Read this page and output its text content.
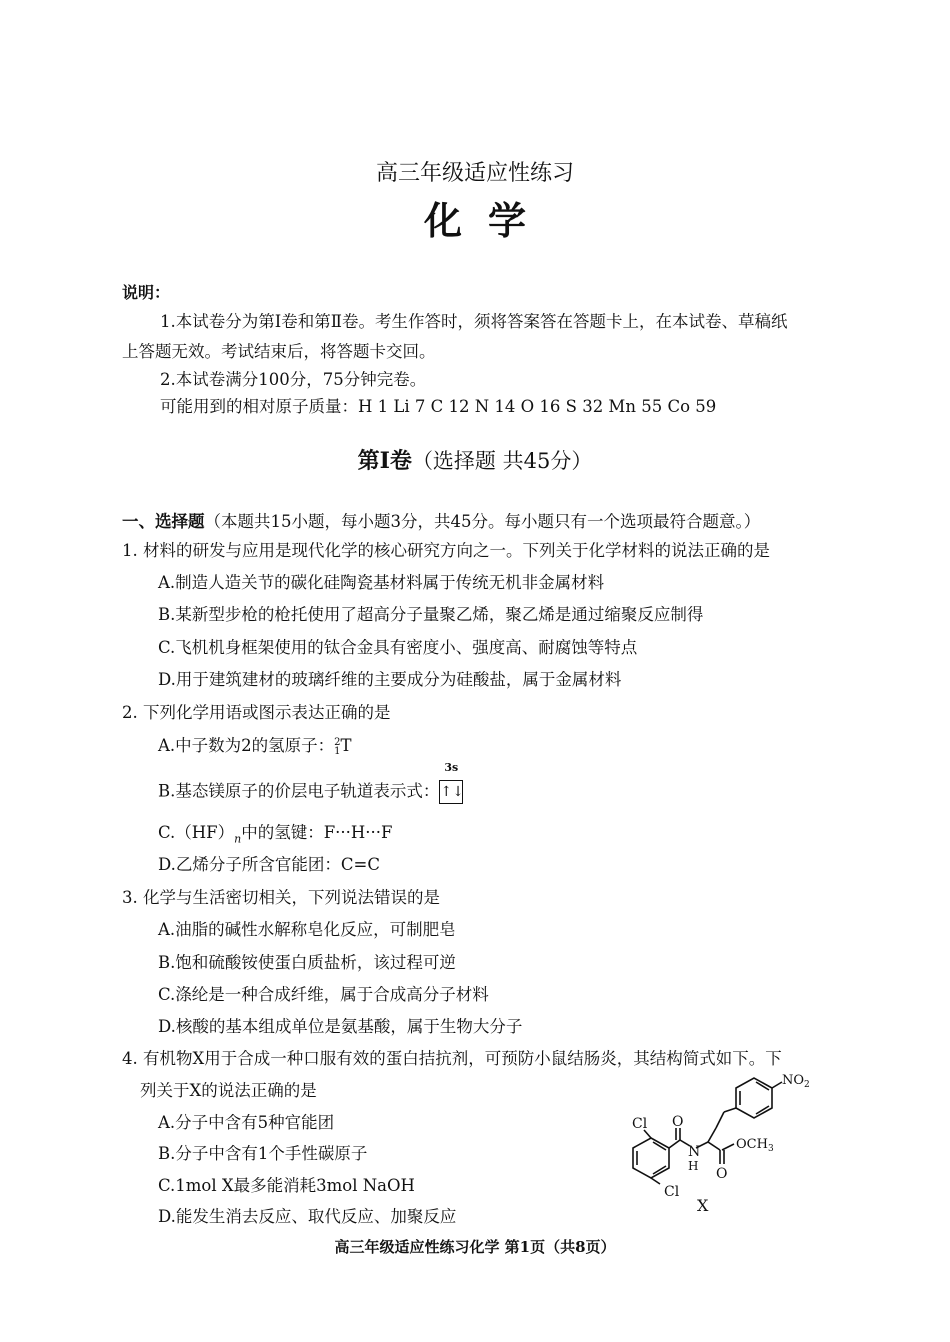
高三年级适应性练习
化学
说明：
1.本试卷分为第Ⅰ卷和第Ⅱ卷。考生作答时，须将答案答在答题卡上，在本试卷、草稿纸
上答题无效。考试结束后，将答题卡交回。
2.本试卷满分100分，75分钟完卷。
可能用到的相对原子质量：H 1 Li 7 C 12 N 14 O 16 S 32 Mn 55 Co 59
第Ⅰ卷（选择题 共45分）
一、选择题（本题共15小题，每小题3分，共45分。每小题只有一个选项最符合题意。）
1. 材料的研发与应用是现代化学的核心研究方向之一。下列关于化学材料的说法正确的是
A.制造人造关节的碳化硅陶瓷基材料属于传统无机非金属材料
B.某新型步枪的枪托使用了超高分子量聚乙烯，聚乙烯是通过缩聚反应制得
C.飞机机身框架使用的钛合金具有密度小、强度高、耐腐蚀等特点
D.用于建筑建材的玻璃纤维的主要成分为硅酸盐，属于金属材料
2. 下列化学用语或图示表达正确的是
A.中子数为2的氢原子：2
1T
B.基态镁原子的价层电子轨道表示式：
3s
↑↓
$C.(HF)_n$中的氢键：F···H···F
D.乙烯分子所含官能团：C=C
3. 化学与生活密切相关，下列说法错误的是
A.油脂的碱性水解称皂化反应，可制肥皂
B.饱和硫酸铵使蛋白质盐析，该过程可逆
C.涤纶是一种合成纤维，属于合成高分子材料
D.核酸的基本组成单位是氨基酸，属于生物大分子
4. 有机物X用于合成一种口服有效的蛋白拮抗剂，可预防小鼠结肠炎，其结构简式如下。下
列关于X的说法正确的是
A.分子中含有5种官能团
B.分子中含有1个手性碳原子
C.1mol X最多能消耗3mol NaOH
D.能发生消去反应、取代反应、加聚反应
Cl
Cl
O
N
H O
$OCH_3$
$NO_2$
X
高三年级适应性练习化学 第1页（共8页）
